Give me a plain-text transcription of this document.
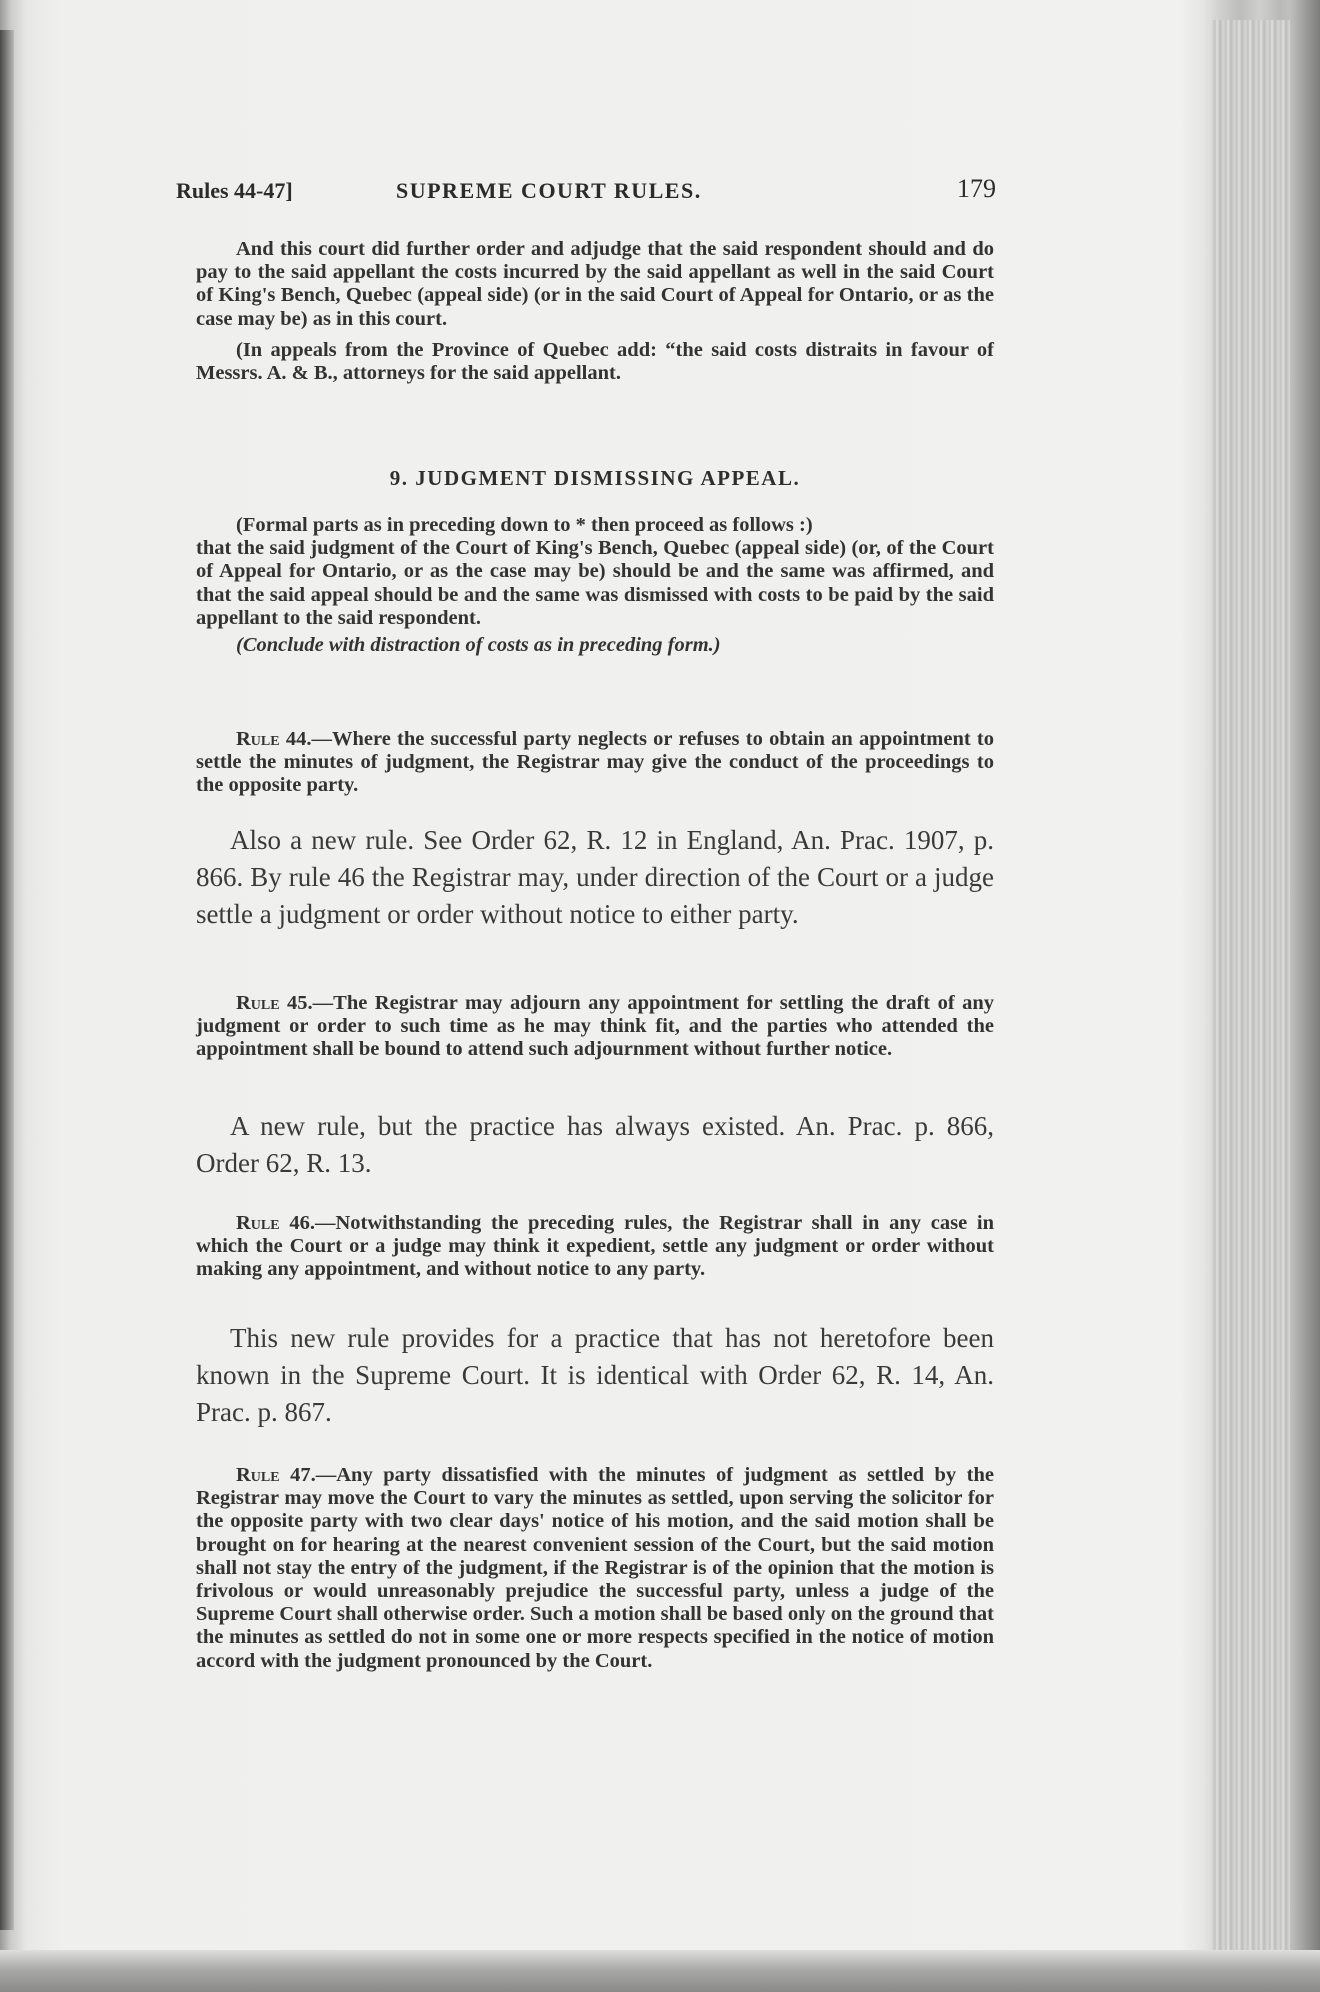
Rules 44-47]	SUPREME COURT RULES.	179

And this court did further order and adjudge that the said respondent should and do pay to the said appellant the costs incurred by the said appellant as well in the said Court of King's Bench, Quebec (appeal side) (or in the said Court of Appeal for Ontario, or as the case may be) as in this court.

(In appeals from the Province of Quebec add: “the said costs distraits in favour of Messrs. A. & B., attorneys for the said appellant.

9. JUDGMENT DISMISSING APPEAL.

(Formal parts as in preceding down to * then proceed as follows :)

that the said judgment of the Court of King's Bench, Quebec (appeal side) (or, of the Court of Appeal for Ontario, or as the case may be) should be and the same was affirmed, and that the said appeal should be and the same was dismissed with costs to be paid by the said appellant to the said respondent.

(Conclude with distraction of costs as in preceding form.)

Rule 44.—Where the successful party neglects or refuses to obtain an appointment to settle the minutes of judgment, the Registrar may give the conduct of the proceedings to the opposite party.

Also a new rule. See Order 62, R. 12 in England, An. Prac. 1907, p. 866. By rule 46 the Registrar may, under direction of the Court or a judge settle a judgment or order without notice to either party.

Rule 45.—The Registrar may adjourn any appointment for settling the draft of any judgment or order to such time as he may think fit, and the parties who attended the appointment shall be bound to attend such adjournment without further notice.

A new rule, but the practice has always existed. An. Prac. p. 866, Order 62, R. 13.

Rule 46.—Notwithstanding the preceding rules, the Registrar shall in any case in which the Court or a judge may think it expedient, settle any judgment or order without making any appointment, and without notice to any party.

This new rule provides for a practice that has not heretofore been known in the Supreme Court. It is identical with Order 62, R. 14, An. Prac. p. 867.

Rule 47.—Any party dissatisfied with the minutes of judgment as settled by the Registrar may move the Court to vary the minutes as settled, upon serving the solicitor for the opposite party with two clear days' notice of his motion, and the said motion shall be brought on for hearing at the nearest convenient session of the Court, but the said motion shall not stay the entry of the judgment, if the Registrar is of the opinion that the motion is frivolous or would unreasonably prejudice the successful party, unless a judge of the Supreme Court shall otherwise order. Such a motion shall be based only on the ground that the minutes as settled do not in some one or more respects specified in the notice of motion accord with the judgment pronounced by the Court.
